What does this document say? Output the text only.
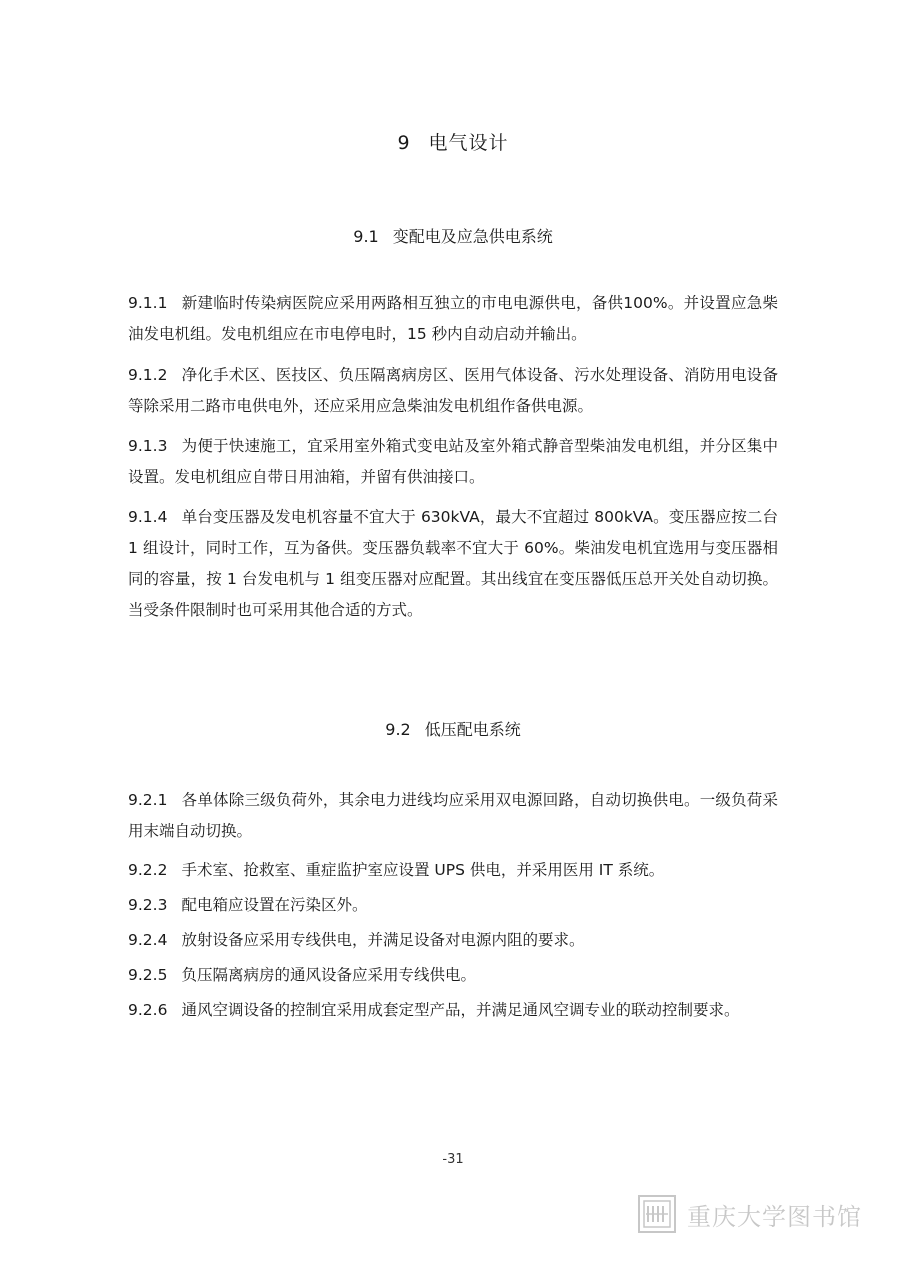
9 电气设计
9.1 变配电及应急供电系统
9.1.1 新建临时传染病医院应采用两路相互独立的市电电源供电，备供100%。并设置应急柴油发电机组。发电机组应在市电停电时，15 秒内自动启动并输出。
9.1.2 净化手术区、医技区、负压隔离病房区、医用气体设备、污水处理设备、消防用电设备等除采用二路市电供电外，还应采用应急柴油发电机组作备供电源。
9.1.3 为便于快速施工，宜采用室外箱式变电站及室外箱式静音型柴油发电机组，并分区集中设置。发电机组应自带日用油箱，并留有供油接口。
9.1.4 单台变压器及发电机容量不宜大于 630kVA，最大不宜超过 800kVA。变压器应按二台 1 组设计，同时工作，互为备供。变压器负载率不宜大于 60%。柴油发电机宜选用与变压器相同的容量，按 1 台发电机与 1 组变压器对应配置。其出线宜在变压器低压总开关处自动切换。当受条件限制时也可采用其他合适的方式。
9.2 低压配电系统
9.2.1 各单体除三级负荷外，其余电力进线均应采用双电源回路，自动切换供电。一级负荷采用末端自动切换。
9.2.2 手术室、抢救室、重症监护室应设置 UPS 供电，并采用医用 IT 系统。
9.2.3 配电箱应设置在污染区外。
9.2.4 放射设备应采用专线供电，并满足设备对电源内阻的要求。
9.2.5 负压隔离病房的通风设备应采用专线供电。
9.2.6 通风空调设备的控制宜采用成套定型产品，并满足通风空调专业的联动控制要求。
-31
重庆大学图书馆
